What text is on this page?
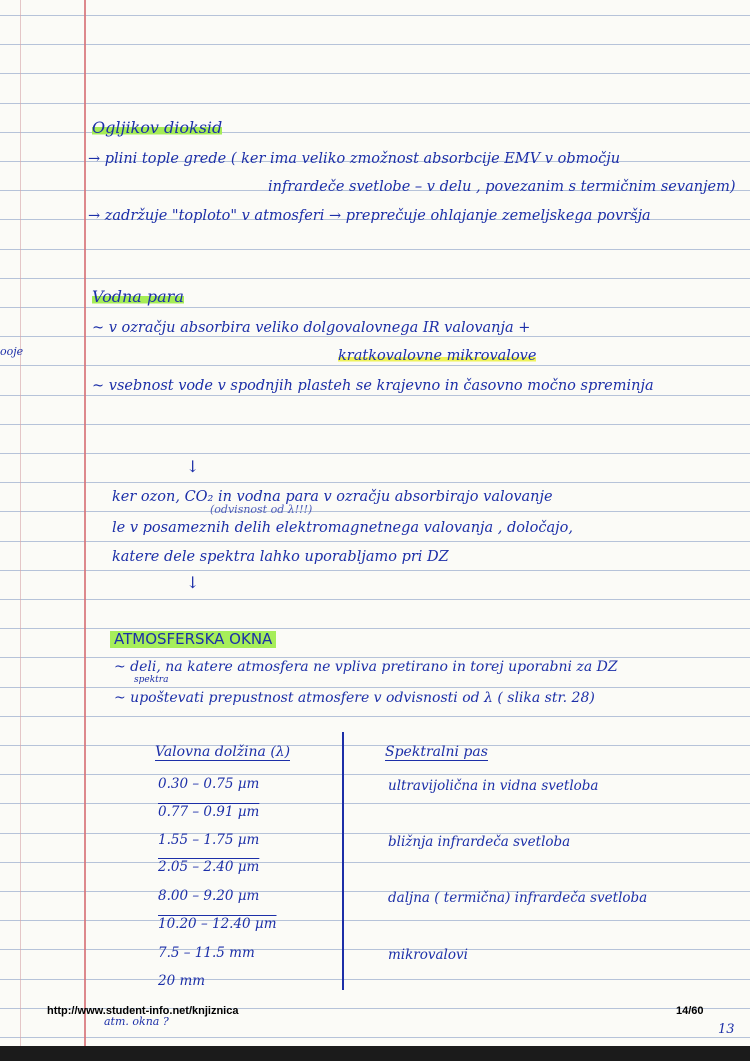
ooje
Ogljikov dioksid
→ plini tople grede ( ker ima veliko zmožnost absorbcije EMV v območju
infrardeče svetlobe – v delu , povezanim s termičnim sevanjem)
→ zadržuje "toploto" v atmosferi → preprečuje ohlajanje zemeljskega površja
Vodna para
~ v ozračju absorbira veliko dolgovalovnega IR valovanja +
kratkovalovne mikrovalove
~ vsebnost vode v spodnjih plasteh se krajevno in časovno močno spreminja
↓
(odvisnost od λ!!!)
ker ozon, CO₂ in vodna para v ozračju absorbirajo valovanje
le v posameznih delih elektromagnetnega valovanja , določajo,
katere dele spektra lahko uporabljamo pri DZ
↓
ATMOSFERSKA OKNA
~ deli, na katere atmosfera ne vpliva pretirano in torej uporabni za DZ
spektra
~ upoštevati prepustnost atmosfere v odvisnosti od λ ( slika str. 28)
Valovna dolžina (λ)	Spektralni pas
0.30 – 0.75 µm	ultravijolična in vidna svetloba
0.77 – 0.91 µm
1.55 – 1.75 µm	bližnja infrardeča svetloba
2.05 – 2.40 µm
8.00 – 9.20 µm	daljna ( termična) infrardeča svetloba
10.20 – 12.40 µm
7.5 – 11.5 mm	mikrovalovi
20 mm
http://www.student-info.net/knjiznica	14/60
atm. okna ?
13
